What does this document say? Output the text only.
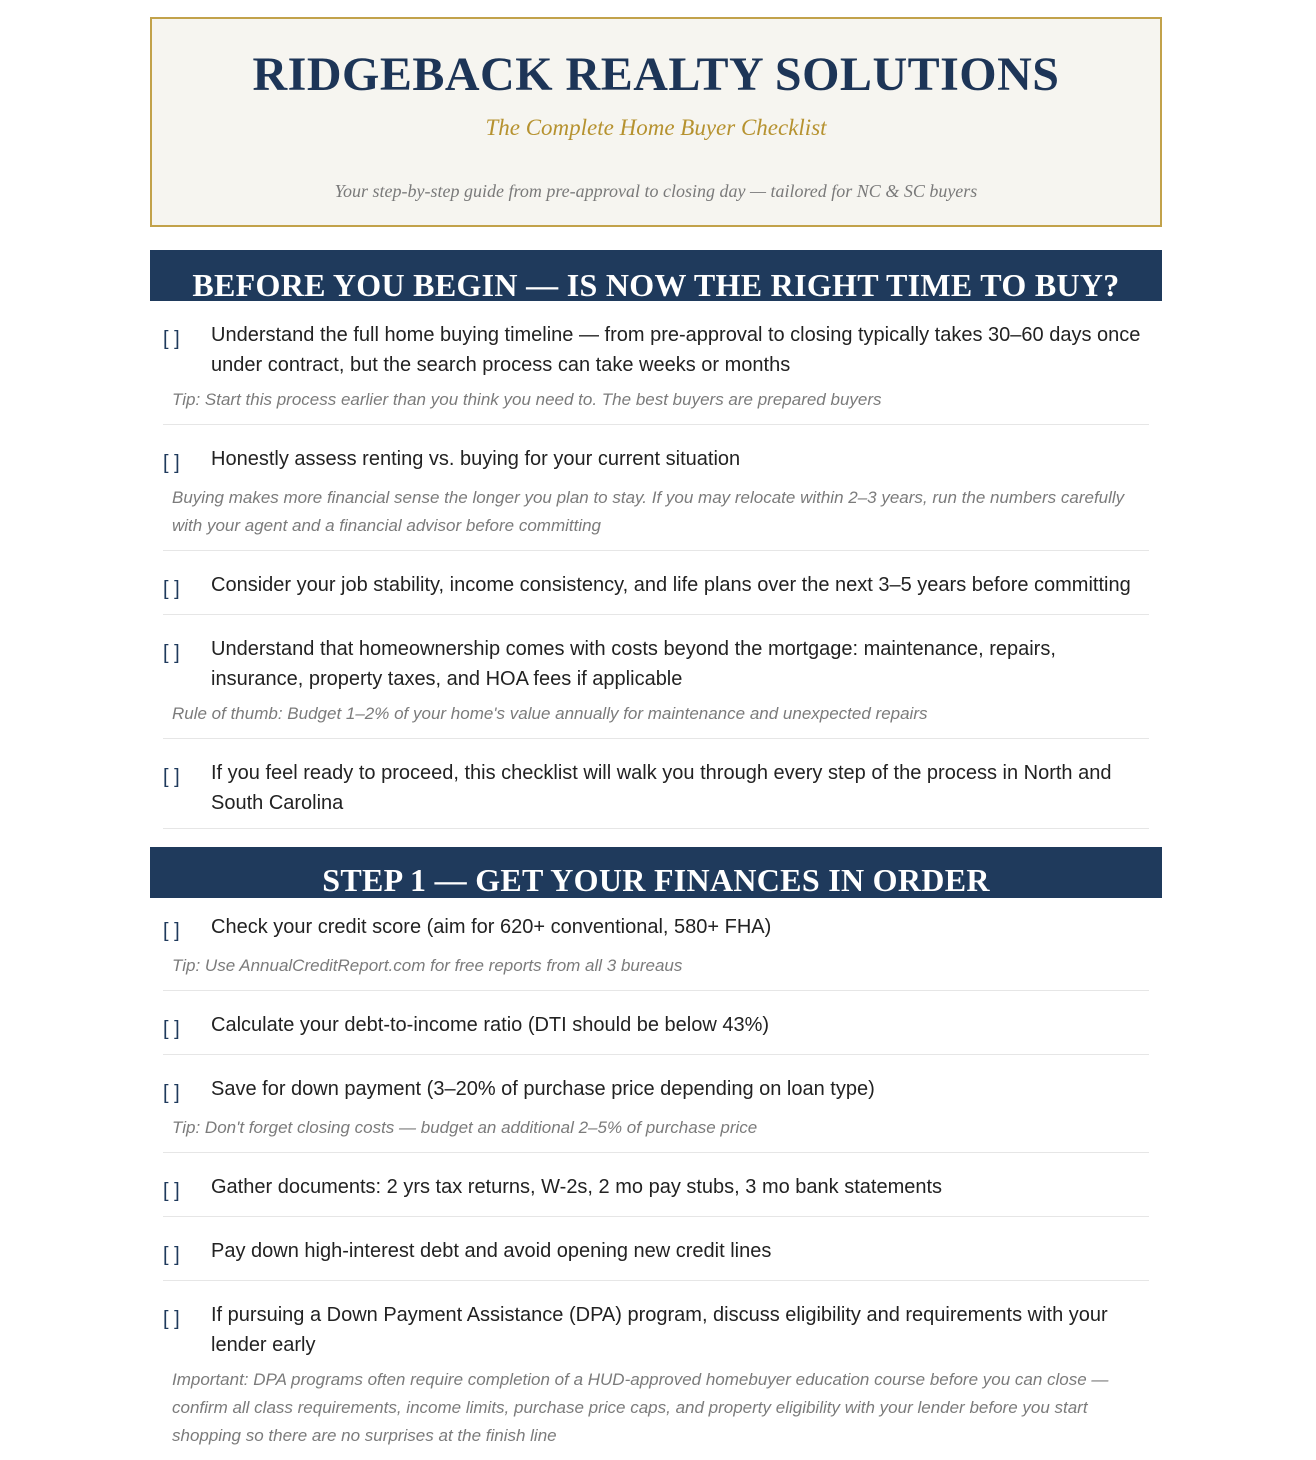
RIDGEBACK REALTY SOLUTIONS
The Complete Home Buyer Checklist
Your step-by-step guide from pre-approval to closing day — tailored for NC & SC buyers
BEFORE YOU BEGIN — IS NOW THE RIGHT TIME TO BUY?
[ ]	Understand the full home buying timeline — from pre-approval to closing typically takes 30–60 days once under contract, but the search process can take weeks or months
Tip: Start this process earlier than you think you need to. The best buyers are prepared buyers
[ ]	Honestly assess renting vs. buying for your current situation
Buying makes more financial sense the longer you plan to stay. If you may relocate within 2–3 years, run the numbers carefully with your agent and a financial advisor before committing
[ ]	Consider your job stability, income consistency, and life plans over the next 3–5 years before committing
[ ]	Understand that homeownership comes with costs beyond the mortgage: maintenance, repairs, insurance, property taxes, and HOA fees if applicable
Rule of thumb: Budget 1–2% of your home's value annually for maintenance and unexpected repairs
[ ]	If you feel ready to proceed, this checklist will walk you through every step of the process in North and South Carolina
STEP 1 — GET YOUR FINANCES IN ORDER
[ ]	Check your credit score (aim for 620+ conventional, 580+ FHA)
Tip: Use AnnualCreditReport.com for free reports from all 3 bureaus
[ ]	Calculate your debt-to-income ratio (DTI should be below 43%)
[ ]	Save for down payment (3–20% of purchase price depending on loan type)
Tip: Don't forget closing costs — budget an additional 2–5% of purchase price
[ ]	Gather documents: 2 yrs tax returns, W-2s, 2 mo pay stubs, 3 mo bank statements
[ ]	Pay down high-interest debt and avoid opening new credit lines
[ ]	If pursuing a Down Payment Assistance (DPA) program, discuss eligibility and requirements with your lender early
Important: DPA programs often require completion of a HUD-approved homebuyer education course before you can close — confirm all class requirements, income limits, purchase price caps, and property eligibility with your lender before you start shopping so there are no surprises at the finish line
